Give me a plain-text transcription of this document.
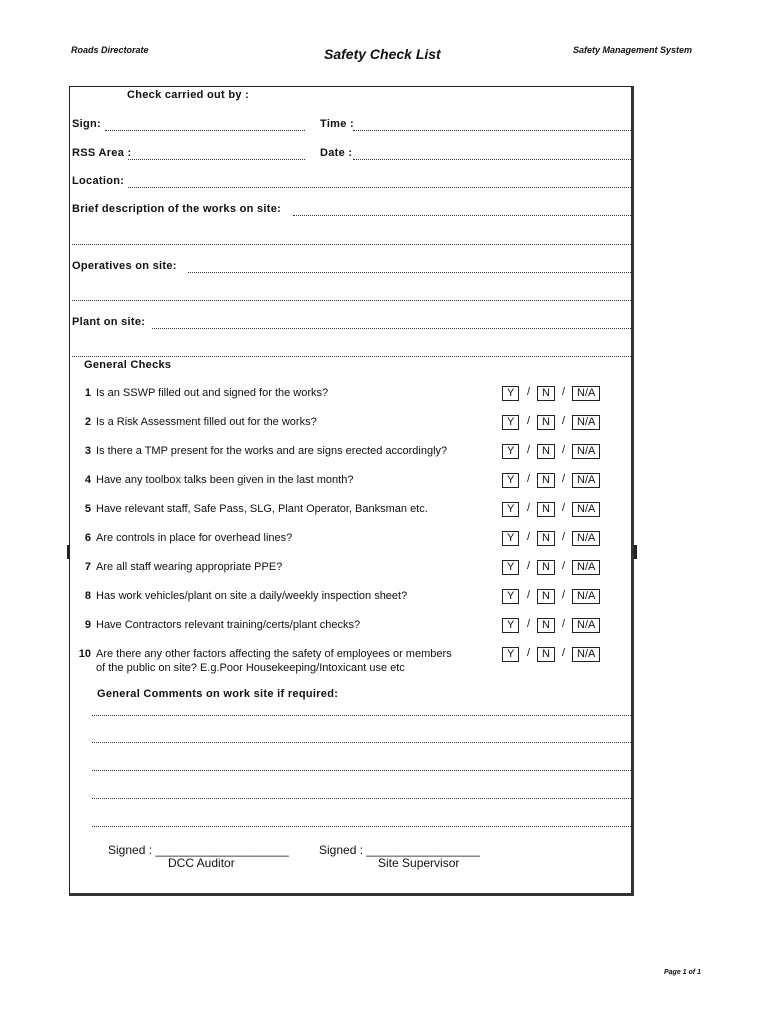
Roads Directorate	Safety Check List	Safety Management System
Check carried out by :
Sign:	Time :
RSS Area :	Date :
Location:
Brief description of the works on site:
Operatives on site:
Plant on site:
General Checks
1 Is an SSWP filled out and signed for the works?	Y	/	N	/	N/A
2 Is a Risk Assessment filled out for the works?	Y	/	N	/	N/A
3 Is there a TMP present for the works and are signs erected accordingly?	Y	/	N	/	N/A
4 Have any toolbox talks been given in the last month?	Y	/	N	/	N/A
5 Have relevant staff, Safe Pass, SLG, Plant Operator, Banksman etc.	Y	/	N	/	N/A
6 Are controls in place for overhead lines?	Y	/	N	/	N/A
7 Are all staff wearing appropriate PPE?	Y	/	N	/	N/A
8 Has work vehicles/plant on site a daily/weekly inspection sheet?	Y	/	N	/	N/A
9 Have Contractors relevant training/certs/plant checks?	Y	/	N	/	N/A
10 Are there any other factors affecting the safety of employees or members
of the public on site? E.g.Poor Housekeeping/Intoxicant use etc
Y	/	N	/	N/A
General Comments on work site if required:
Signed : ____________________
DCC Auditor
Signed : _________________
Site Supervisor
Page 1 of 1
